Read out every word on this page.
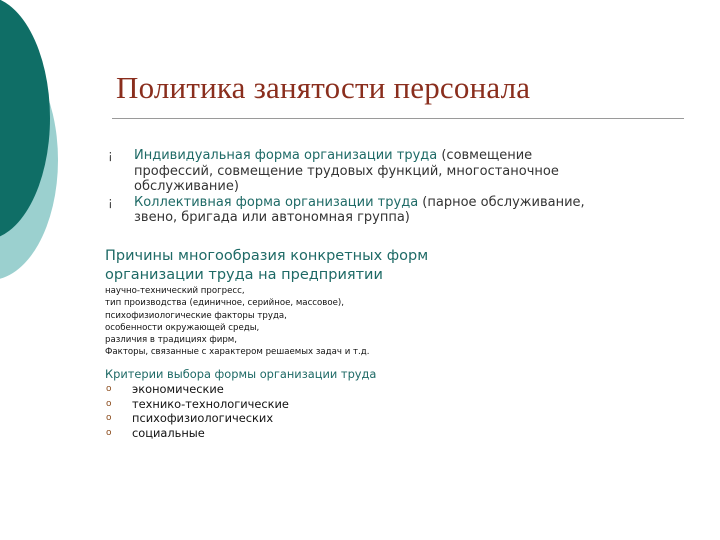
Политика занятости персонала
¡ Индивидуальная форма организации труда (совмещение
профессий, совмещение трудовых функций, многостаночное
обслуживание)
¡ Коллективная форма организации труда (парное обслуживание,
звено, бригада или автономная группа)
Причины многообразия конкретных форм
организации труда на предприятии
научно-технический прогресс,
тип производства (единичное, серийное, массовое),
психофизиологические факторы труда,
особенности окружающей среды,
различия в традициях фирм,
Факторы, связанные с характером решаемых задач и т.д.
Критерии выбора формы организации труда
o экономические
o технико-технологические
o психофизиологических
o социальные
